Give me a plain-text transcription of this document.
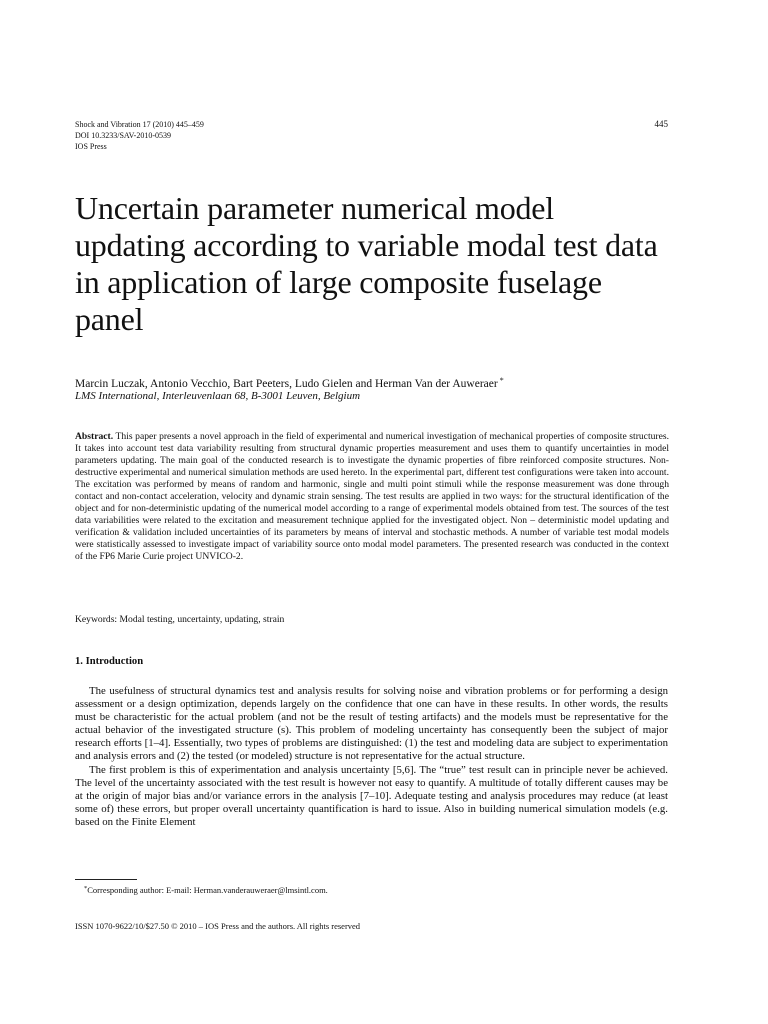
Shock and Vibration 17 (2010) 445–459
DOI 10.3233/SAV-2010-0539
IOS Press
445
Uncertain parameter numerical model
updating according to variable modal test data
in application of large composite fuselage
panel
Marcin Luczak, Antonio Vecchio, Bart Peeters, Ludo Gielen and Herman Van der Auweraer *
LMS International, Interleuvenlaan 68, B-3001 Leuven, Belgium

Abstract. This paper presents a novel approach in the field of experimental and numerical investigation of mechanical properties of composite structures. It takes into account test data variability resulting from structural dynamic properties measurement and uses them to quantify uncertainties in model parameters updating. The main goal of the conducted research is to investigate the dynamic properties of fibre reinforced composite structures. Non-destructive experimental and numerical simulation methods are used hereto. In the experimental part, different test configurations were taken into account. The excitation was performed by means of random and harmonic, single and multi point stimuli while the response measurement was done through contact and non-contact acceleration, velocity and dynamic strain sensing. The test results are applied in two ways: for the structural identification of the object and for non-deterministic updating of the numerical model according to a range of experimental models obtained from test. The sources of the test data variabilities were related to the excitation and measurement technique applied for the investigated object. Non – deterministic model updating and verification & validation included uncertainties of its parameters by means of interval and stochastic methods. A number of variable test modal models were statistically assessed to investigate impact of variability source onto modal model parameters. The presented research was conducted in the context of the FP6 Marie Curie project UNVICO-2.

Keywords: Modal testing, uncertainty, updating, strain
1. Introduction

The usefulness of structural dynamics test and analysis results for solving noise and vibration problems or for performing a design assessment or a design optimization, depends largely on the confidence that one can have in these results. In other words, the results must be characteristic for the actual problem (and not be the result of testing artifacts) and the models must be representative for the actual behavior of the investigated structure (s). This problem of modeling uncertainty has consequently been the subject of major research efforts [1–4]. Essentially, two types of problems are distinguished: (1) the test and modeling data are subject to experimentation and analysis errors and (2) the tested (or modeled) structure is not representative for the actual structure.

The first problem is this of experimentation and analysis uncertainty [5,6]. The “true” test result can in principle never be achieved. The level of the uncertainty associated with the test result is however not easy to quantify. A multitude of totally different causes may be at the origin of major bias and/or variance errors in the analysis [7–10]. Adequate testing and analysis procedures may reduce (at least some of) these errors, but proper overall uncertainty quantification is hard to issue. Also in building numerical simulation models (e.g. based on the Finite Element

*Corresponding author: E-mail: Herman.vanderauweraer@lmsintl.com.
ISSN 1070-9622/10/$27.50 © 2010 – IOS Press and the authors. All rights reserved
